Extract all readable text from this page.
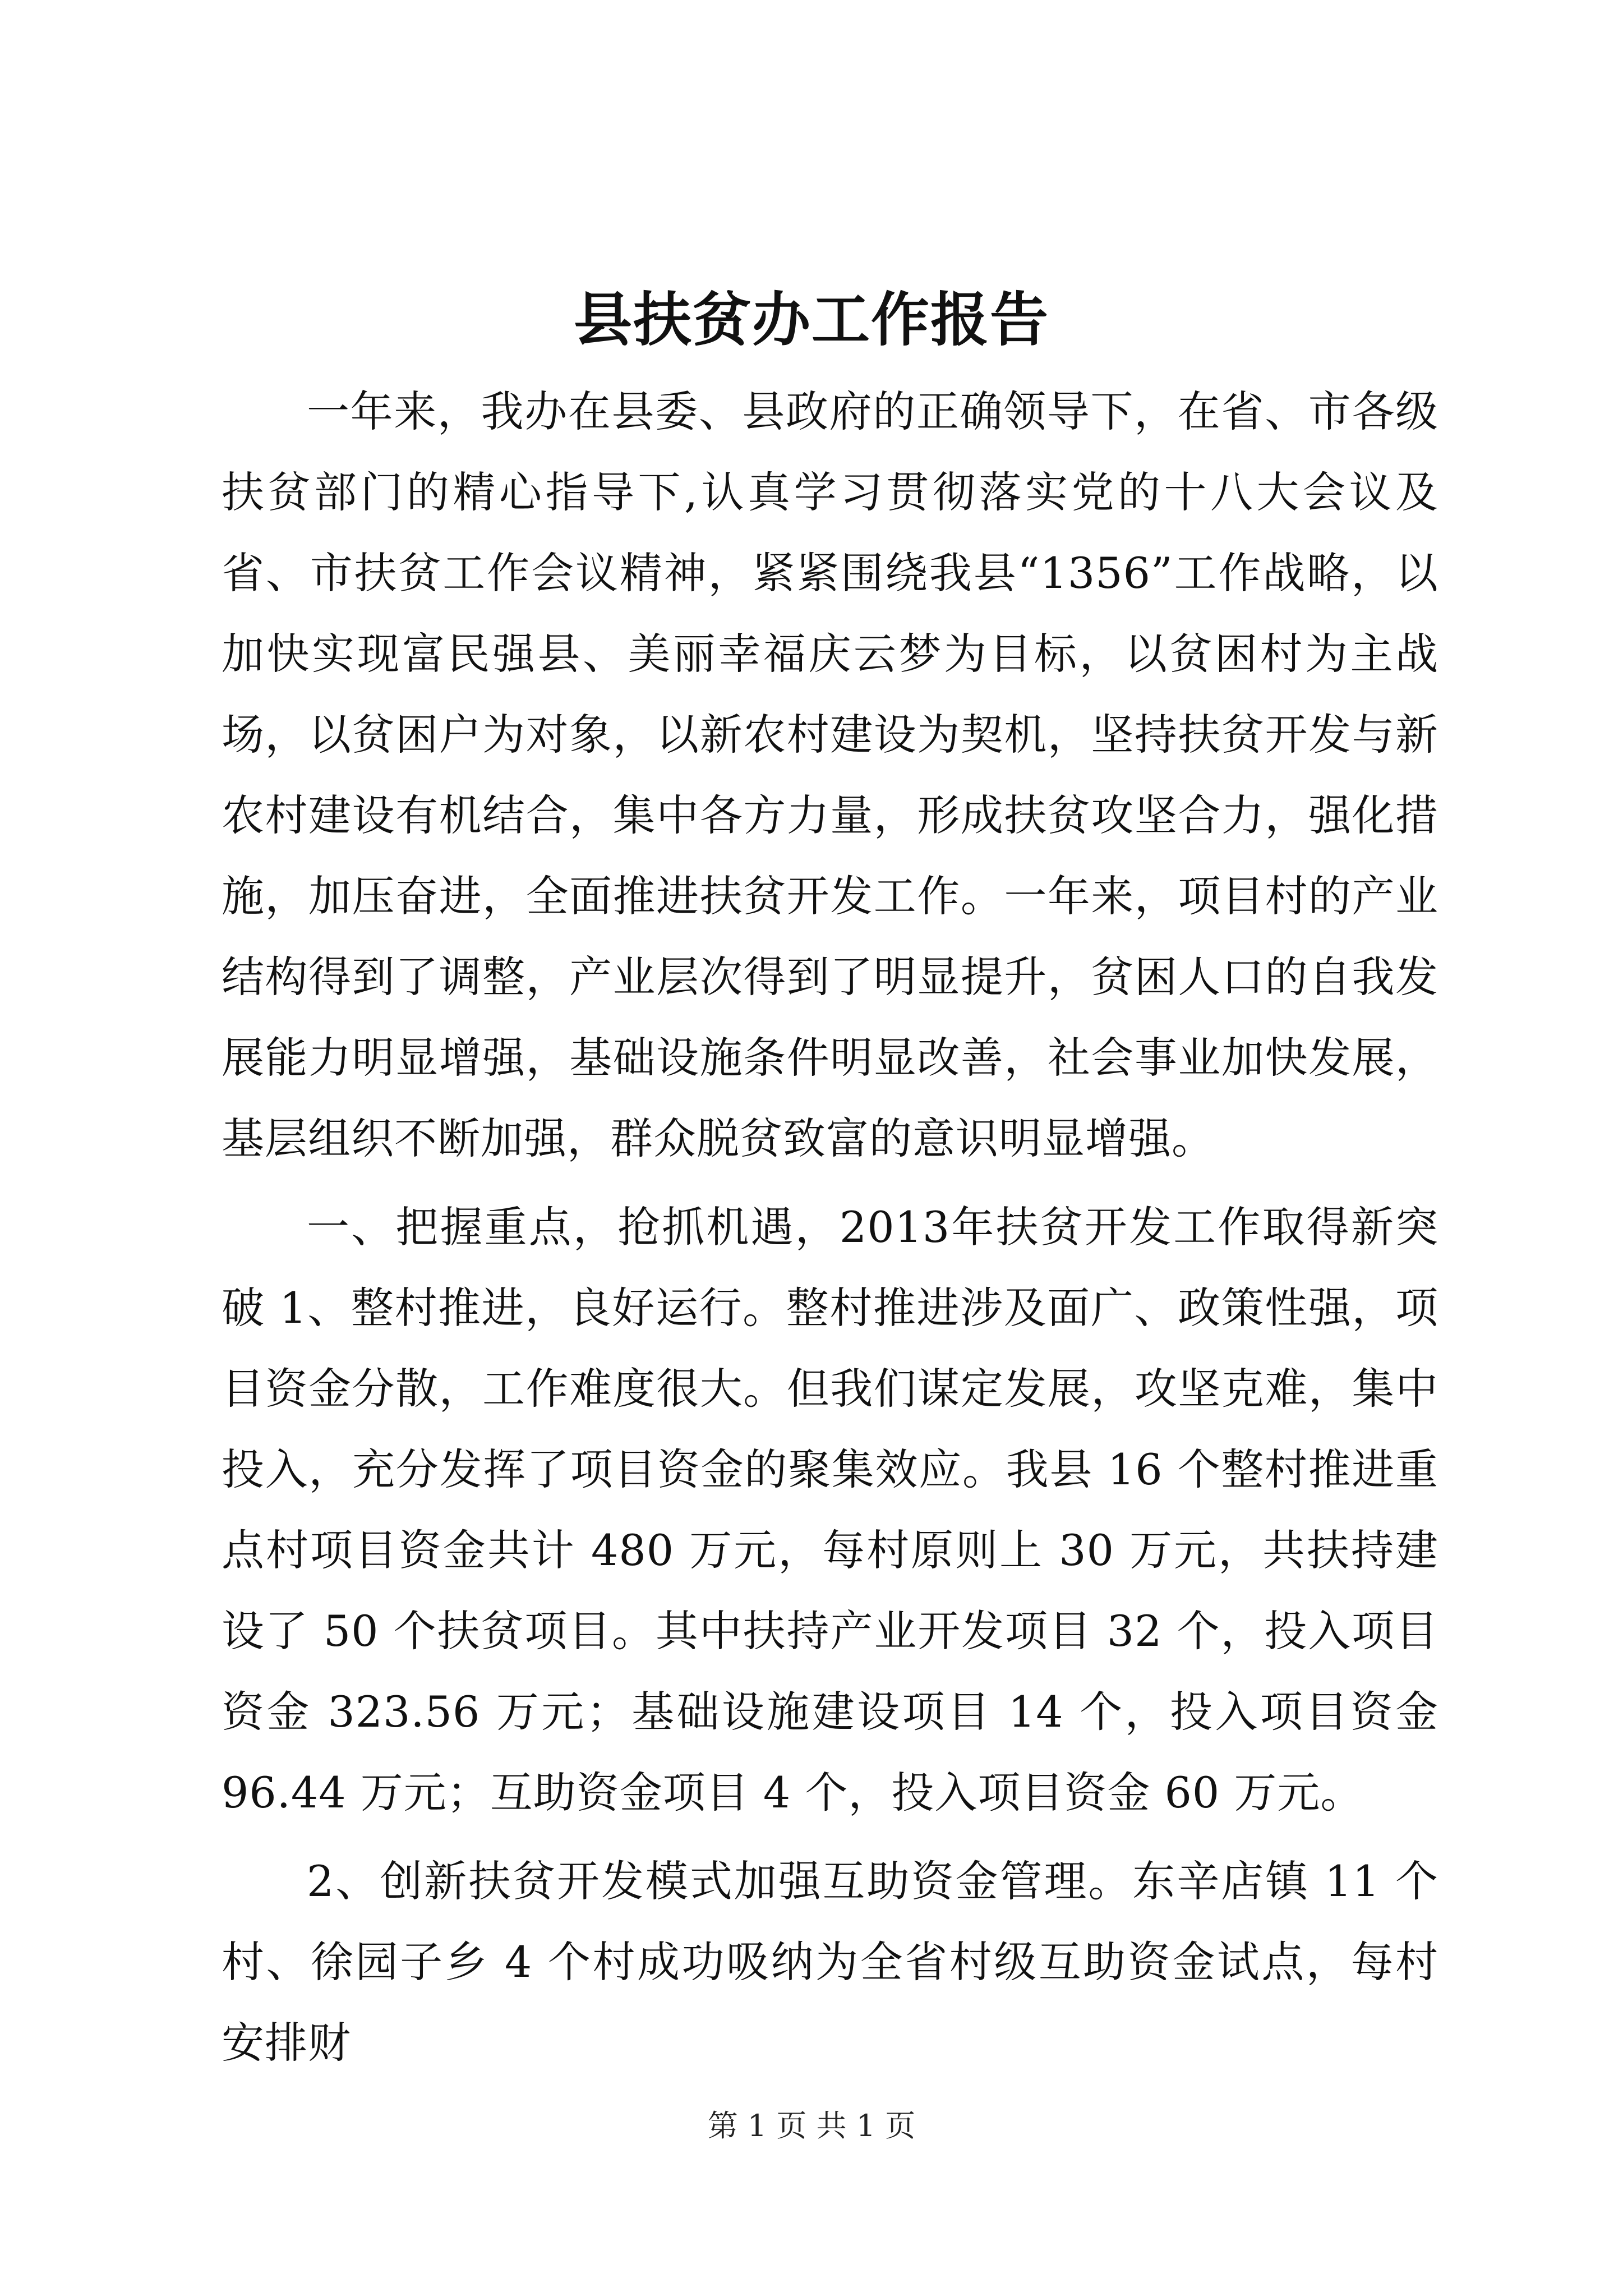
县扶贫办工作报告

一年来，我办在县委、县政府的正确领导下，在省、市各级扶贫部门的精心指导下,认真学习贯彻落实党的十八大会议及省、市扶贫工作会议精神，紧紧围绕我县“1356”工作战略，以加快实现富民强县、美丽幸福庆云梦为目标，以贫困村为主战场，以贫困户为对象，以新农村建设为契机，坚持扶贫开发与新农村建设有机结合，集中各方力量，形成扶贫攻坚合力，强化措施，加压奋进，全面推进扶贫开发工作。一年来，项目村的产业结构得到了调整，产业层次得到了明显提升，贫困人口的自我发展能力明显增强，基础设施条件明显改善，社会事业加快发展，基层组织不断加强，群众脱贫致富的意识明显增强。

一、把握重点，抢抓机遇，2013年扶贫开发工作取得新突破 1、整村推进，良好运行。整村推进涉及面广、政策性强，项目资金分散，工作难度很大。但我们谋定发展，攻坚克难，集中投入，充分发挥了项目资金的聚集效应。我县 16 个整村推进重点村项目资金共计 480 万元，每村原则上 30 万元，共扶持建设了 50 个扶贫项目。其中扶持产业开发项目 32 个，投入项目资金 323.56 万元；基础设施建设项目 14 个，投入项目资金 96.44 万元；互助资金项目 4 个，投入项目资金 60 万元。

2、创新扶贫开发模式加强互助资金管理。东辛店镇 11 个村、徐园子乡 4 个村成功吸纳为全省村级互助资金试点，每村安排财

第 1 页 共 1 页
